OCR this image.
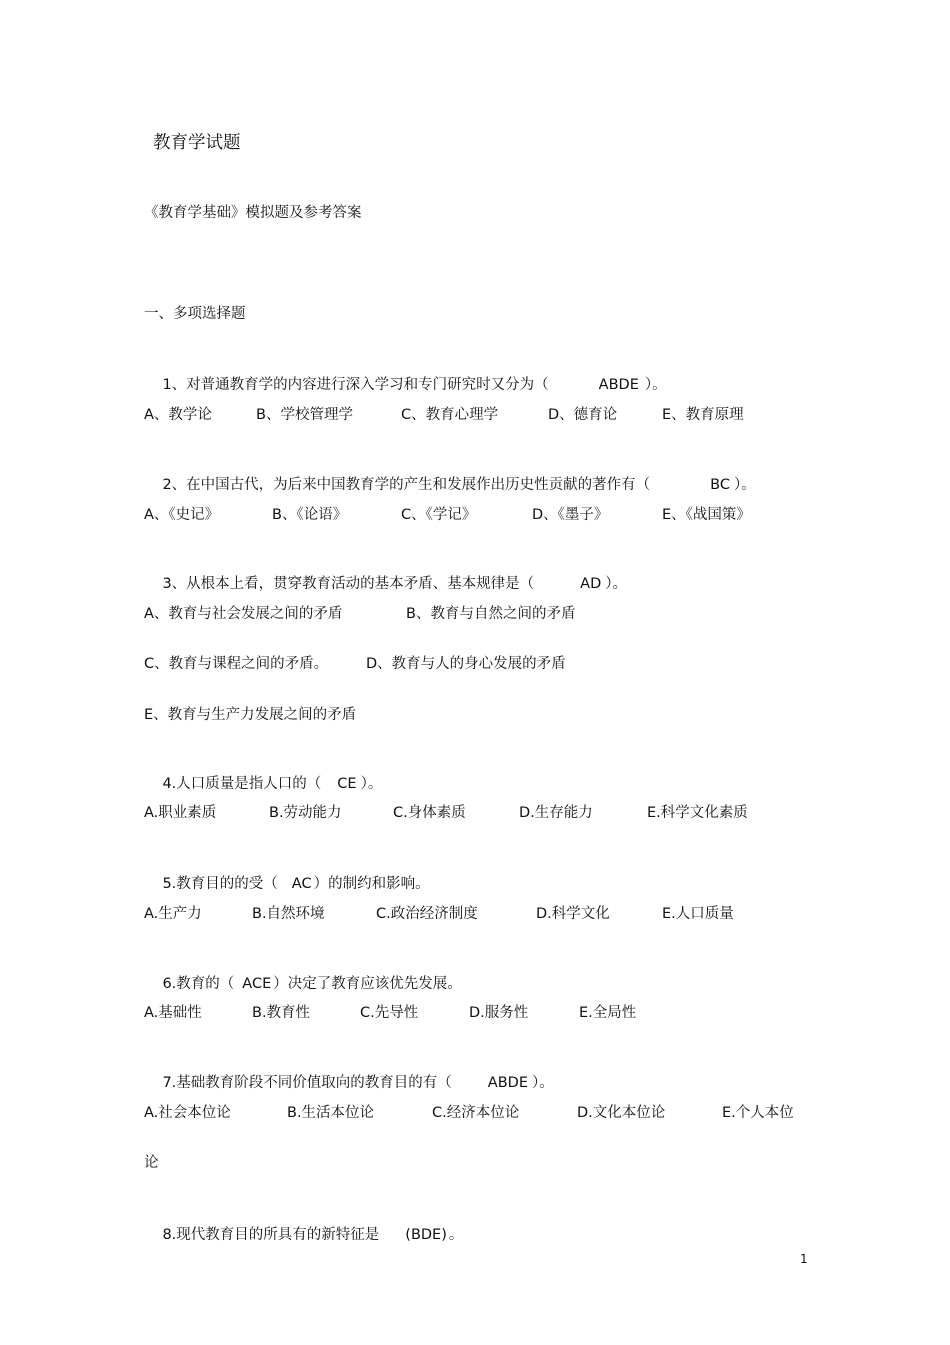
教育学试题
《教育学基础》模拟题及参考答案
一、多项选择题

1、对普通教育学的内容进行深入学习和专门研究时又分为（	ABDE ）。

A、教学论	B、学校管理学	C、教育心理学	D、德育论	E、教育原理

2、在中国古代，为后来中国教育学的产生和发展作出历史性贡献的著作有（	BC ）。

A、《史记》	B、《论语》	C、《学记》	D、《墨子》	E、《战国策》

3、从根本上看，贯穿教育活动的基本矛盾、基本规律是（	AD ）。

A、教育与社会发展之间的矛盾	B、教育与自然之间的矛盾
C、教育与课程之间的矛盾。	D、教育与人的身心发展的矛盾
E、教育与生产力发展之间的矛盾

4.人口质量是指人口的（ CE ）。

A.职业素质	B.劳动能力	C.身体素质	D.生存能力	E.科学文化素质

5.教育目的的受（ AC ）的制约和影响。

A.生产力	B.自然环境	C.政治经济制度	D.科学文化	E.人口质量

6.教育的（ ACE ）决定了教育应该优先发展。

A.基础性	B.教育性	C.先导性	D.服务性	E.全局性

7.基础教育阶段不同价值取向的教育目的有（ ABDE ）。

A.社会本位论	B.生活本位论	C.经济本位论	D.文化本位论	E.个人本位
论

8.现代教育目的所具有的新特征是 (BDE) 。

1
